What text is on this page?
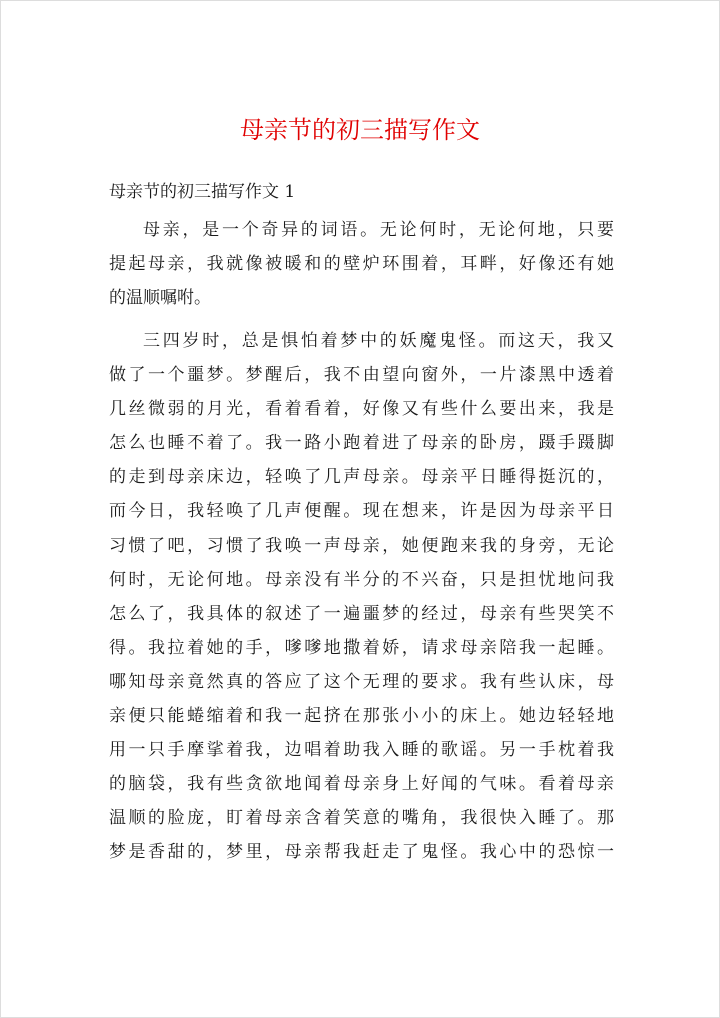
母亲节的初三描写作文

母亲节的初三描写作文 1

母亲，是一个奇异的词语。无论何时，无论何地，只要
提起母亲，我就像被暖和的壁炉环围着，耳畔，好像还有她
的温顺嘱咐。
三四岁时，总是惧怕着梦中的妖魔鬼怪。而这天，我又
做了一个噩梦。梦醒后，我不由望向窗外，一片漆黑中透着
几丝微弱的月光，看着看着，好像又有些什么要出来，我是
怎么也睡不着了。我一路小跑着进了母亲的卧房，蹑手蹑脚
的走到母亲床边，轻唤了几声母亲。母亲平日睡得挺沉的，
而今日，我轻唤了几声便醒。现在想来，许是因为母亲平日
习惯了吧，习惯了我唤一声母亲，她便跑来我的身旁，无论
何时，无论何地。母亲没有半分的不兴奋，只是担忧地问我
怎么了，我具体的叙述了一遍噩梦的经过，母亲有些哭笑不
得。我拉着她的手，嗲嗲地撒着娇，请求母亲陪我一起睡。
哪知母亲竟然真的答应了这个无理的要求。我有些认床，母
亲便只能蜷缩着和我一起挤在那张小小的床上。她边轻轻地
用一只手摩挲着我，边唱着助我入睡的歌谣。另一手枕着我
的脑袋，我有些贪欲地闻着母亲身上好闻的气味。看着母亲
温顺的脸庞，盯着母亲含着笑意的嘴角，我很快入睡了。那
梦是香甜的，梦里，母亲帮我赶走了鬼怪。我心中的恐惊一
